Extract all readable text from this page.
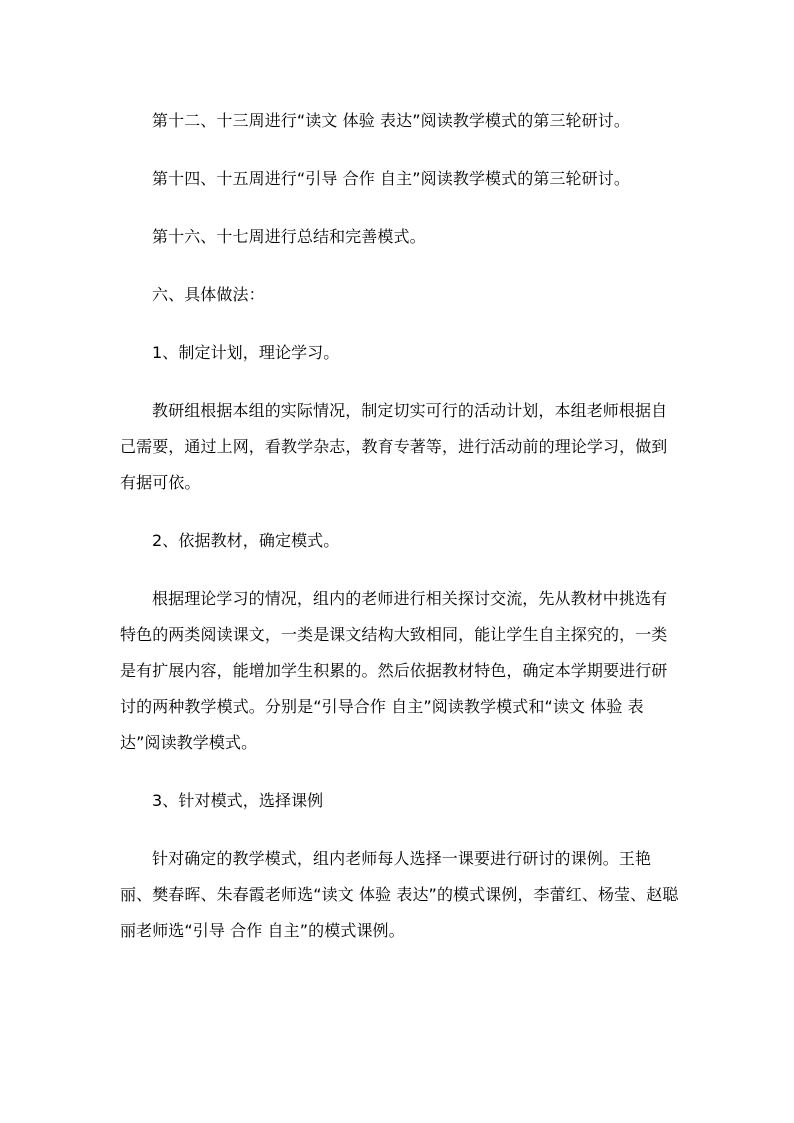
第十二、十三周进行“读文 体验 表达”阅读教学模式的第三轮研讨。

第十四、十五周进行“引导 合作 自主”阅读教学模式的第三轮研讨。

第十六、十七周进行总结和完善模式。

六、具体做法：

1、制定计划，理论学习。

教研组根据本组的实际情况，制定切实可行的活动计划，本组老师根据自己需要，通过上网，看教学杂志，教育专著等，进行活动前的理论学习，做到有据可依。

2、依据教材，确定模式。

根据理论学习的情况，组内的老师进行相关探讨交流，先从教材中挑选有特色的两类阅读课文，一类是课文结构大致相同，能让学生自主探究的，一类是有扩展内容，能增加学生积累的。然后依据教材特色，确定本学期要进行研讨的两种教学模式。分别是“引导合作 自主”阅读教学模式和“读文 体验 表达”阅读教学模式。

3、针对模式，选择课例

针对确定的教学模式，组内老师每人选择一课要进行研讨的课例。王艳丽、樊春晖、朱春霞老师选“读文 体验 表达”的模式课例，李蕾红、杨莹、赵聪丽老师选“引导 合作 自主”的模式课例。
